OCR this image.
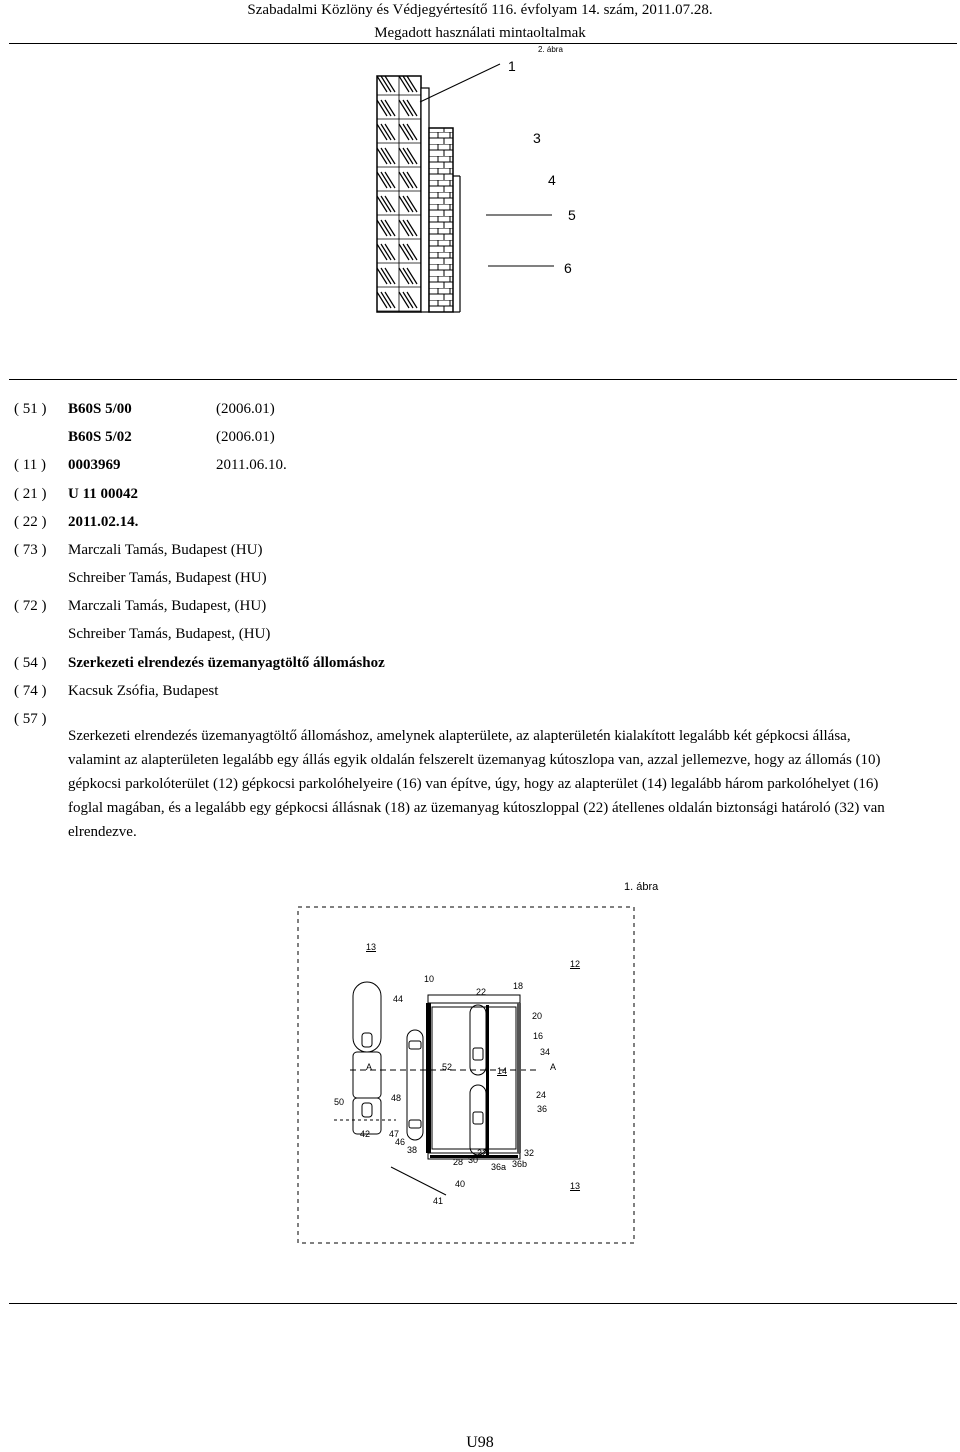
Szabadalmi Közlöny és Védjegyértesítő 116. évfolyam 14. szám, 2011.07.28.
Megadott használati mintaoltalmak
2. ábra
1
3
4
5
6
( 51 ) B60S 5/00	(2006.01)
B60S 5/02	(2006.01)
( 11 ) 0003969	2011.06.10.
( 21 ) U 11 00042
( 22 ) 2011.02.14.
( 73 ) Marczali Tamás, Budapest (HU)
Schreiber Tamás, Budapest (HU)
( 72 ) Marczali Tamás, Budapest, (HU)
Schreiber Tamás, Budapest, (HU)
( 54 ) Szerkezeti elrendezés üzemanyagtöltő állomáshoz
( 74 ) Kacsuk Zsófia, Budapest
( 57 )

Szerkezeti elrendezés üzemanyagtöltő állomáshoz, amelynek alapterülete, az alapterületén kialakított legalább két gépkocsi állása, valamint az alapterületen legalább egy állás egyik oldalán felszerelt üzemanyag kútoszlopa van, azzal jellemezve, hogy az állomás (10) gépkocsi parkolóterület (12) gépkocsi parkolóhelyeire (16) van építve, úgy, hogy az alapterület (14) legalább három parkolóhelyet (16) foglal magában, és a legalább egy gépkocsi állásnak (18) az üzemanyag kútoszloppal (22) átellenes oldalán biztonsági határoló (32) van elrendezve.

1. ábra
13
12
10
44
22
18
20
16
34
A	A
52	14
24
36
50	48
42 47
46
38
28 30
22
36a
32
36b
40
41
13
U98
